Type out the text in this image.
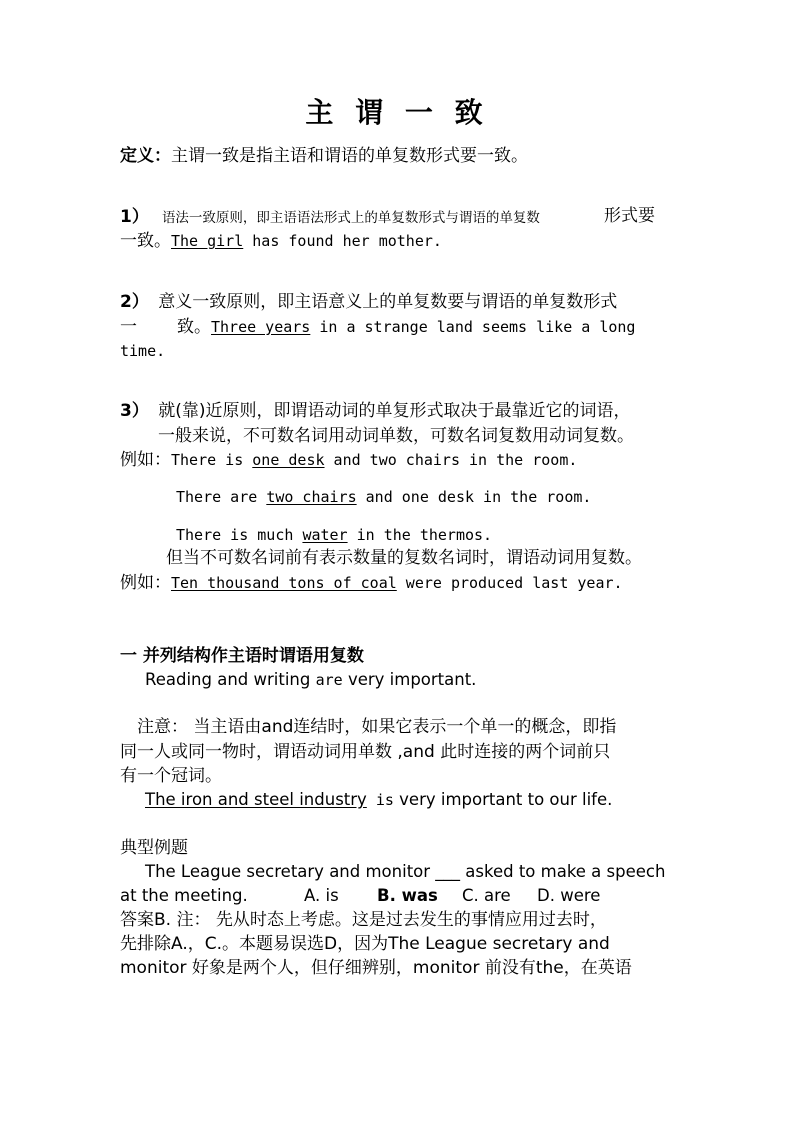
主 谓 一 致
定义：主谓一致是指主语和谓语的单复数形式要一致。
1） 语法一致原则，即主语语法形式上的单复数形式与谓语的单复数	形式要
一致。The girl has found her mother.
2） 意义一致原则，即主语意义上的单复数要与谓语的单复数形式
一 致。Three years in a strange land seems like a long
time.
3） 就(靠)近原则，即谓语动词的单复形式取决于最靠近它的词语，
一般来说，不可数名词用动词单数，可数名词复数用动词复数。
例如：There is one desk and two chairs in the room.
There are two chairs and one desk in the room.
There is much water in the thermos.
但当不可数名词前有表示数量的复数名词时，谓语动词用复数。
例如：Ten thousand tons of coal were produced last year.
一 并列结构作主语时谓语用复数
Reading and writing are very important.
注意： 当主语由and连结时，如果它表示一个单一的概念，即指
同一人或同一物时，谓语动词用单数 ,and 此时连接的两个词前只
有一个冠词。
The iron and steel industry is very important to our life.
典型例题
The League secretary and monitor ___ asked to make a speech
at the meeting.	A. is B. was C. are D. were
答案B. 注： 先从时态上考虑。这是过去发生的事情应用过去时，
先排除A.，C.。本题易误选D，因为The League secretary and
monitor 好象是两个人，但仔细辨别，monitor 前没有the，在英语
